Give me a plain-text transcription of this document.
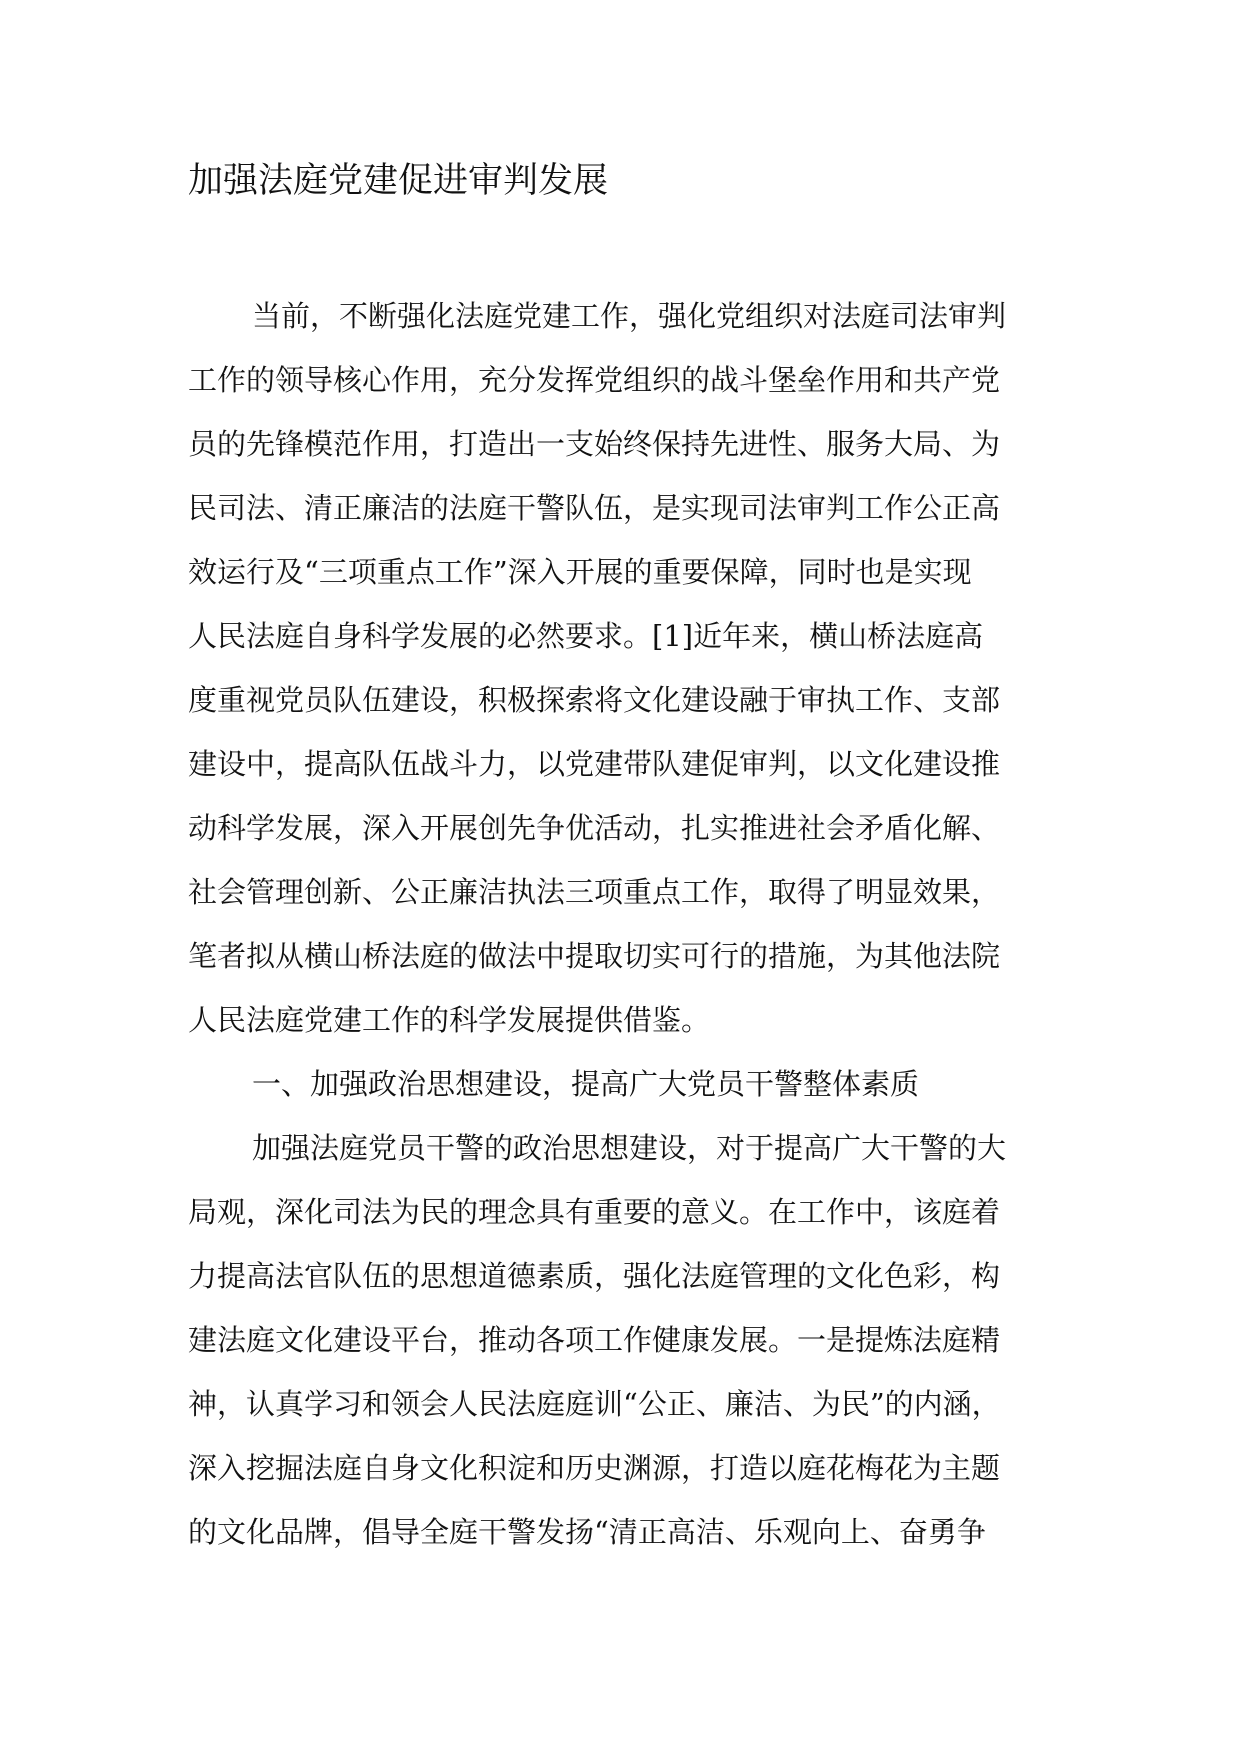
加强法庭党建促进审判发展
当前，不断强化法庭党建工作，强化党组织对法庭司法审判
工作的领导核心作用，充分发挥党组织的战斗堡垒作用和共产党
员的先锋模范作用，打造出一支始终保持先进性、服务大局、为
民司法、清正廉洁的法庭干警队伍，是实现司法审判工作公正高
效运行及“三项重点工作”深入开展的重要保障，同时也是实现
人民法庭自身科学发展的必然要求。[1]近年来，横山桥法庭高
度重视党员队伍建设，积极探索将文化建设融于审执工作、支部
建设中，提高队伍战斗力，以党建带队建促审判，以文化建设推
动科学发展，深入开展创先争优活动，扎实推进社会矛盾化解、
社会管理创新、公正廉洁执法三项重点工作，取得了明显效果，
笔者拟从横山桥法庭的做法中提取切实可行的措施，为其他法院
人民法庭党建工作的科学发展提供借鉴。
一、加强政治思想建设，提高广大党员干警整体素质
加强法庭党员干警的政治思想建设，对于提高广大干警的大
局观，深化司法为民的理念具有重要的意义。在工作中，该庭着
力提高法官队伍的思想道德素质，强化法庭管理的文化色彩，构
建法庭文化建设平台，推动各项工作健康发展。一是提炼法庭精
神，认真学习和领会人民法庭庭训“公正、廉洁、为民”的内涵，
深入挖掘法庭自身文化积淀和历史渊源，打造以庭花梅花为主题
的文化品牌，倡导全庭干警发扬“清正高洁、乐观向上、奋勇争
